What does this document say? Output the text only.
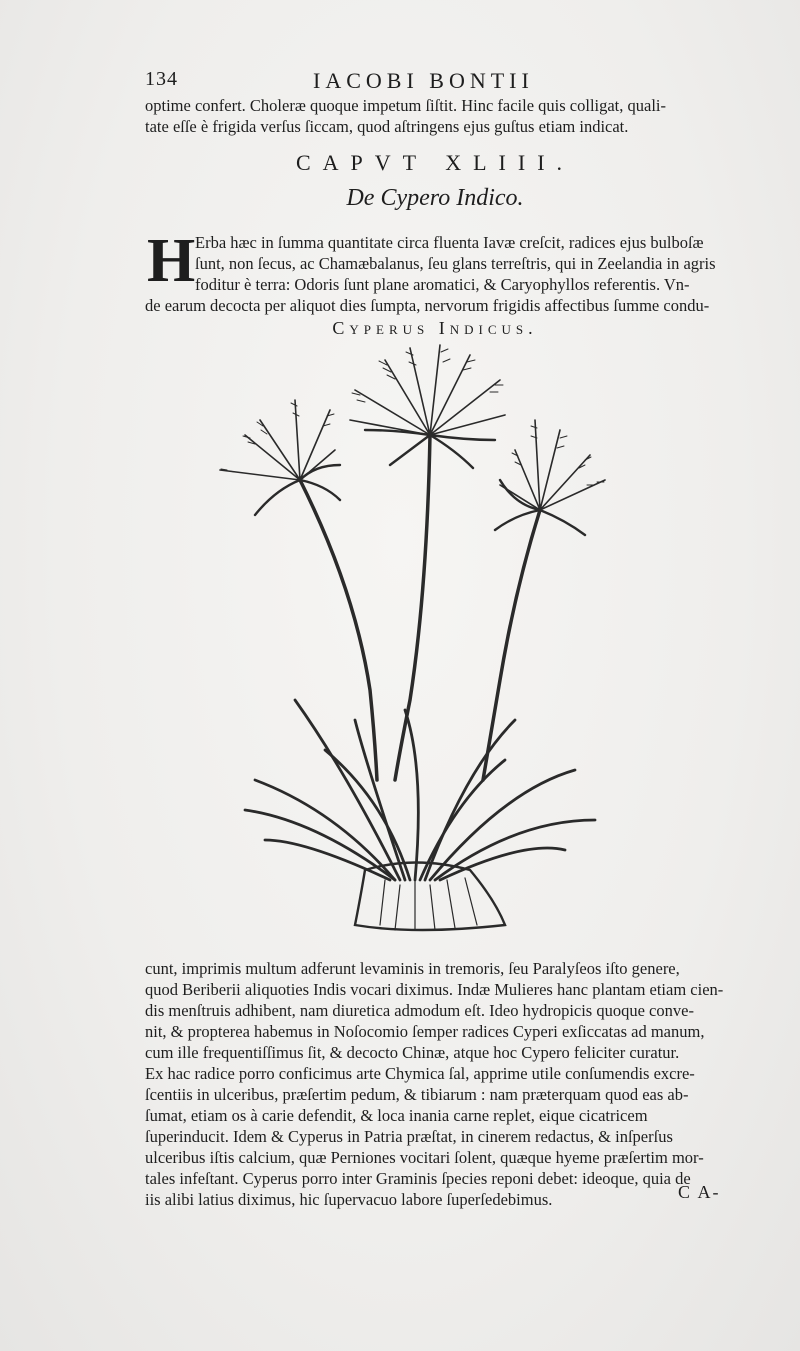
134	IACOBI BONTII
optime confert. Choleræ quoque impetum ſiſtit. Hinc facile quis colligat, quali-
tate eſſe è frigida verſus ſiccam, quod aſtringens ejus guſtus etiam indicat.
CAPVT XLIII.
De Cypero Indico.
H Erba hæc in ſumma quantitate circa fluenta Iavæ creſcit, radices ejus bulboſæ
ſunt, non ſecus, ac Chamæbalanus, ſeu glans terreſtris, qui in Zeelandia in agris
foditur è terra: Odoris ſunt plane aromatici, & Caryophyllos referentis. Vn-
de earum decocta per aliquot dies ſumpta, nervorum frigidis affectibus ſumme condu-
Cyperus Indicus.
cunt, imprimis multum adferunt levaminis in tremoris, ſeu Paralyſeos iſto genere,
quod Beriberii aliquoties Indis vocari diximus. Indæ Mulieres hanc plantam etiam cien-
dis menſtruis adhibent, nam diuretica admodum eſt. Ideo hydropicis quoque conve-
nit, & propterea habemus in Noſocomio ſemper radices Cyperi exſiccatas ad manum,
cum ille frequentiſſimus ſit, & decocto Chinæ, atque hoc Cypero feliciter curatur.
Ex hac radice porro conficimus arte Chymica ſal, apprime utile conſumendis excre-
ſcentiis in ulceribus, præſertim pedum, & tibiarum : nam præterquam quod eas ab-
ſumat, etiam os à carie defendit, & loca inania carne replet, eique cicatricem
ſuperinducit. Idem & Cyperus in Patria præſtat, in cinerem redactus, & inſperſus
ulceribus iſtis calcium, quæ Perniones vocitari ſolent, quæque hyeme præſertim mor-
tales infeſtant. Cyperus porro inter Graminis ſpecies reponi debet: ideoque, quia de
iis alibi latius diximus, hic ſupervacuo labore ſuperſedebimus.	C A-
